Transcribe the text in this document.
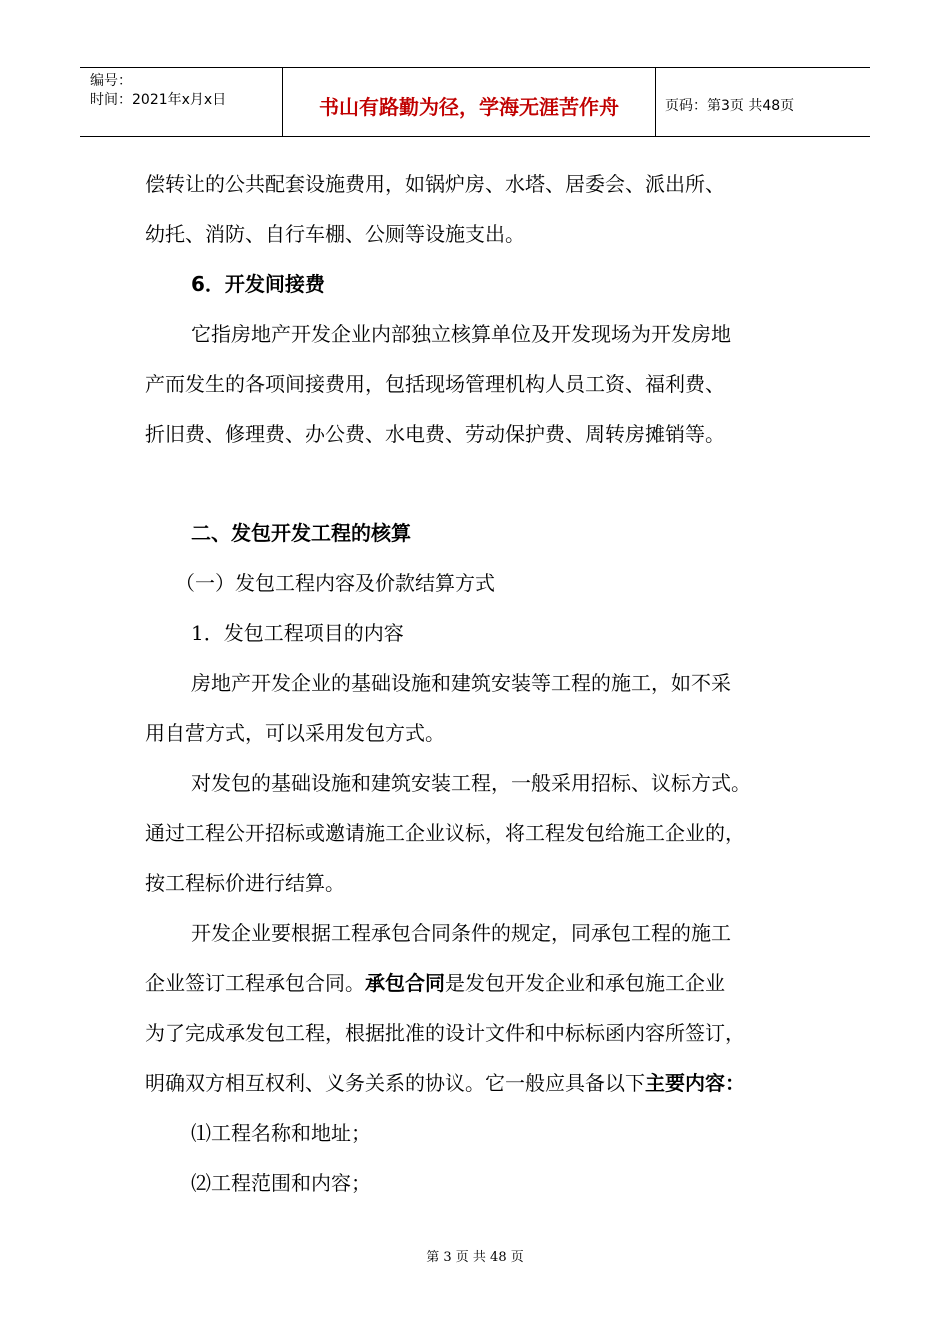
编号：
时间：2021年x月x日	书山有路勤为径，学海无涯苦作舟	页码：第3页 共48页
偿转让的公共配套设施费用，如锅炉房、水塔、居委会、派出所、
幼托、消防、自行车棚、公厕等设施支出。
6．开发间接费
它指房地产开发企业内部独立核算单位及开发现场为开发房地
产而发生的各项间接费用，包括现场管理机构人员工资、福利费、
折旧费、修理费、办公费、水电费、劳动保护费、周转房摊销等。
二、发包开发工程的核算
（一）发包工程内容及价款结算方式
1．发包工程项目的内容
房地产开发企业的基础设施和建筑安装等工程的施工，如不采
用自营方式，可以采用发包方式。
对发包的基础设施和建筑安装工程，一般采用招标、议标方式。
通过工程公开招标或邀请施工企业议标，将工程发包给施工企业的，
按工程标价进行结算。
开发企业要根据工程承包合同条件的规定，同承包工程的施工
企业签订工程承包合同。承包合同是发包开发企业和承包施工企业
为了完成承发包工程，根据批准的设计文件和中标标函内容所签订，
明确双方相互权利、义务关系的协议。它一般应具备以下主要内容：
⑴工程名称和地址；
⑵工程范围和内容；
第 3 页 共 48 页
